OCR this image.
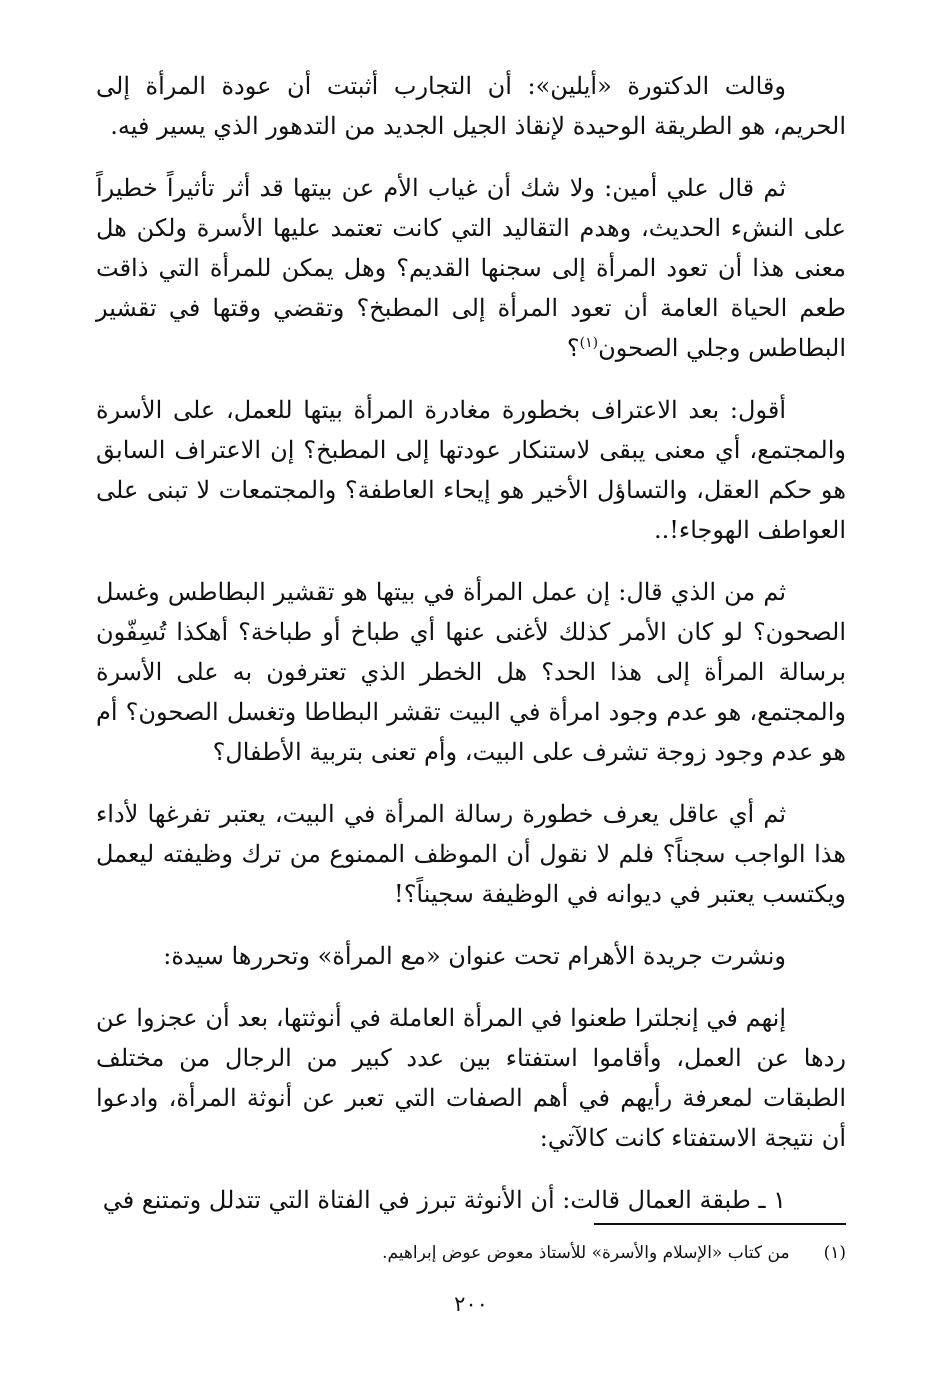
وقالت الدكتورة «أيلين»: أن التجارب أثبتت أن عودة المرأة إلى الحريم، هو الطريقة الوحيدة لإنقاذ الجيل الجديد من التدهور الذي يسير فيه.

ثم قال علي أمين: ولا شك أن غياب الأم عن بيتها قد أثر تأثيراً خطيراً على النشء الحديث، وهدم التقاليد التي كانت تعتمد عليها الأسرة ولكن هل معنى هذا أن تعود المرأة إلى سجنها القديم؟ وهل يمكن للمرأة التي ذاقت طعم الحياة العامة أن تعود المرأة إلى المطبخ؟ وتقضي وقتها في تقشير البطاطس وجلي الصحون$^{(١)}$؟

أقول: بعد الاعتراف بخطورة مغادرة المرأة بيتها للعمل، على الأسرة والمجتمع، أي معنى يبقى لاستنكار عودتها إلى المطبخ؟ إن الاعتراف السابق هو حكم العقل، والتساؤل الأخير هو إيحاء العاطفة؟ والمجتمعات لا تبنى على العواطف الهوجاء!..

ثم من الذي قال: إن عمل المرأة في بيتها هو تقشير البطاطس وغسل الصحون؟ لو كان الأمر كذلك لأغنى عنها أي طباخ أو طباخة؟ أهكذا تُسِفّون برسالة المرأة إلى هذا الحد؟ هل الخطر الذي تعترفون به على الأسرة والمجتمع، هو عدم وجود امرأة في البيت تقشر البطاطا وتغسل الصحون؟ أم هو عدم وجود زوجة تشرف على البيت، وأم تعنى بتربية الأطفال؟

ثم أي عاقل يعرف خطورة رسالة المرأة في البيت، يعتبر تفرغها لأداء هذا الواجب سجناً؟ فلم لا نقول أن الموظف الممنوع من ترك وظيفته ليعمل ويكتسب يعتبر في ديوانه في الوظيفة سجيناً؟!

ونشرت جريدة الأهرام تحت عنوان «مع المرأة» وتحررها سيدة:

إنهم في إنجلترا طعنوا في المرأة العاملة في أنوثتها، بعد أن عجزوا عن ردها عن العمل، وأقاموا استفتاء بين عدد كبير من الرجال من مختلف الطبقات لمعرفة رأيهم في أهم الصفات التي تعبر عن أنوثة المرأة، وادعوا أن نتيجة الاستفتاء كانت كالآتي:

١ ـ طبقة العمال قالت: أن الأنوثة تبرز في الفتاة التي تتدلل وتمتنع في

(١)من كتاب «الإسلام والأسرة» للأستاذ معوض عوض إبراهيم.
٢٠٠
